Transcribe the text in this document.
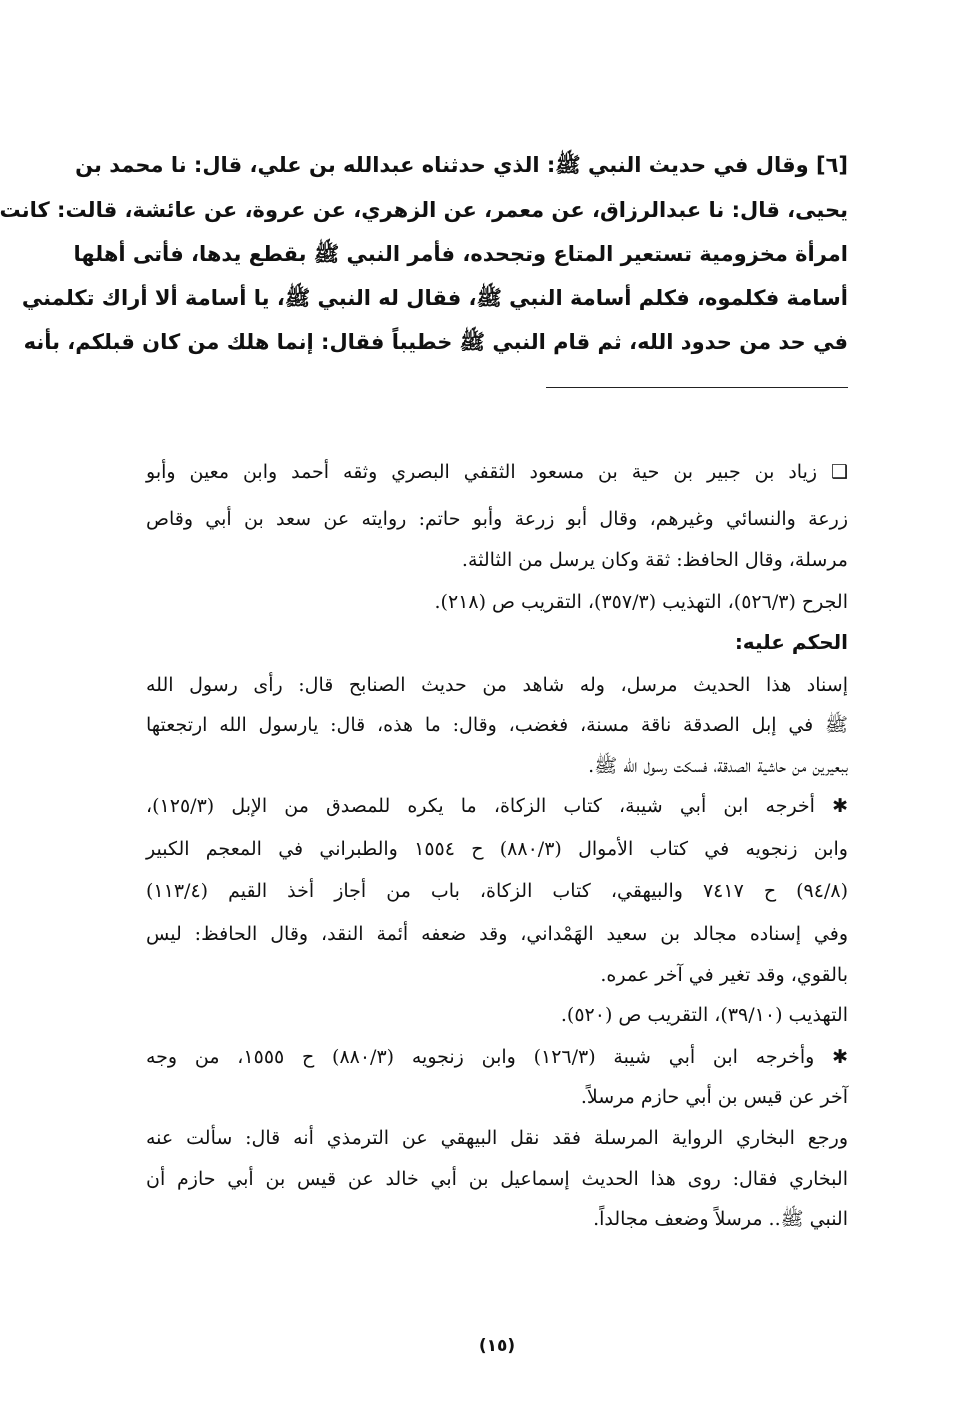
[٦] وقال في حديث النبي ﷺ: الذي حدثناه عبدالله بن علي، قال: نا محمد بن
يحيى، قال: نا عبدالرزاق، عن معمر، عن الزهري، عن عروة، عن عائشة، قالت: كانت
امرأة مخزومية تستعير المتاع وتجحده، فأمر النبي ﷺ بقطع يدها، فأتى أهلها
أسامة فكلموه، فكلم أسامة النبي ﷺ، فقال له النبي ﷺ، يا أسامة ألا أراك تكلمني
في حد من حدود الله، ثم قام النبي ﷺ خطيباً فقال: إنما هلك من كان قبلكم، بأنه
❑ زياد بن جبير بن حية بن مسعود الثقفي البصري وثقه أحمد وابن معين وأبو
زرعة والنسائي وغيرهم، وقال أبو زرعة وأبو حاتم: روايته عن سعد بن أبي وقاص
مرسلة، وقال الحافظ: ثقة وكان يرسل من الثالثة.
الجرح (٥٢٦/٣)، التهذيب (٣٥٧/٣)، التقريب ص (٢١٨).
الحكم عليه:
إسناد هذا الحديث مرسل، وله شاهد من حديث الصنابح قال: رأى رسول الله
ﷺ في إبل الصدقة ناقة مسنة، فغضب، وقال: ما هذه، قال: يارسول الله ارتجعتها
ببعيرين من حاشية الصدقة، فسكت رسول الله ﷺ.
✱ أخرجه ابن أبي شيبة، كتاب الزكاة، ما يكره للمصدق من الإبل (١٢٥/٣)،
وابن زنجويه في كتاب الأموال (٨٨٠/٣) ح ١٥٥٤ والطبراني في المعجم الكبير
(٩٤/٨) ح ٧٤١٧ والبيهقي، كتاب الزكاة، باب من أجاز أخذ القيم (١١٣/٤)
وفي إسناده مجالد بن سعيد الهَمْداني، وقد ضعفه أئمة النقد، وقال الحافظ: ليس
بالقوي، وقد تغير في آخر عمره.
التهذيب (٣٩/١٠)، التقريب ص (٥٢٠).
✱ وأخرجه ابن أبي شيبة (١٢٦/٣) وابن زنجويه (٨٨٠/٣) ح ١٥٥٥، من وجه
آخر عن قيس بن أبي حازم مرسلاً.
ورجع البخاري الرواية المرسلة فقد نقل البيهقي عن الترمذي أنه قال: سألت عنه
البخاري فقال: روى هذا الحديث إسماعيل بن أبي خالد عن قيس بن أبي حازم أن
النبي ﷺ.. مرسلاً وضعف مجالداً.
(١٥)
